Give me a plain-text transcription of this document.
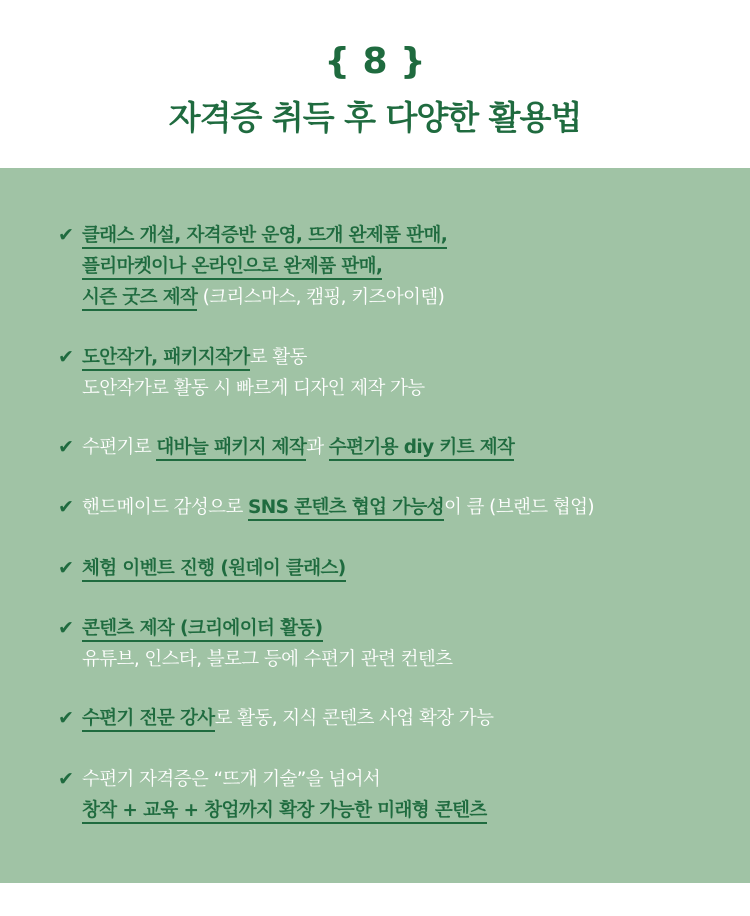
{ 8 }
자격증 취득 후 다양한 활용법
✔ 클래스 개설, 자격증반 운영, 뜨개 완제품 판매,
플리마켓이나 온라인으로 완제품 판매,
시즌 굿즈 제작 (크리스마스, 캠핑, 키즈아이템)
✔ 도안작가, 패키지작가로 활동
도안작가로 활동 시 빠르게 디자인 제작 가능
✔ 수편기로 대바늘 패키지 제작과 수편기용 diy 키트 제작
✔ 핸드메이드 감성으로 SNS 콘텐츠 협업 가능성이 큼 (브랜드 협업)
✔ 체험 이벤트 진행 (원데이 클래스)
✔ 콘텐츠 제작 (크리에이터 활동)
유튜브, 인스타, 블로그 등에 수편기 관련 컨텐츠
✔ 수편기 전문 강사로 활동, 지식 콘텐츠 사업 확장 가능
✔ 수편기 자격증은 “뜨개 기술”을 넘어서
창작 + 교육 + 창업까지 확장 가능한 미래형 콘텐츠
